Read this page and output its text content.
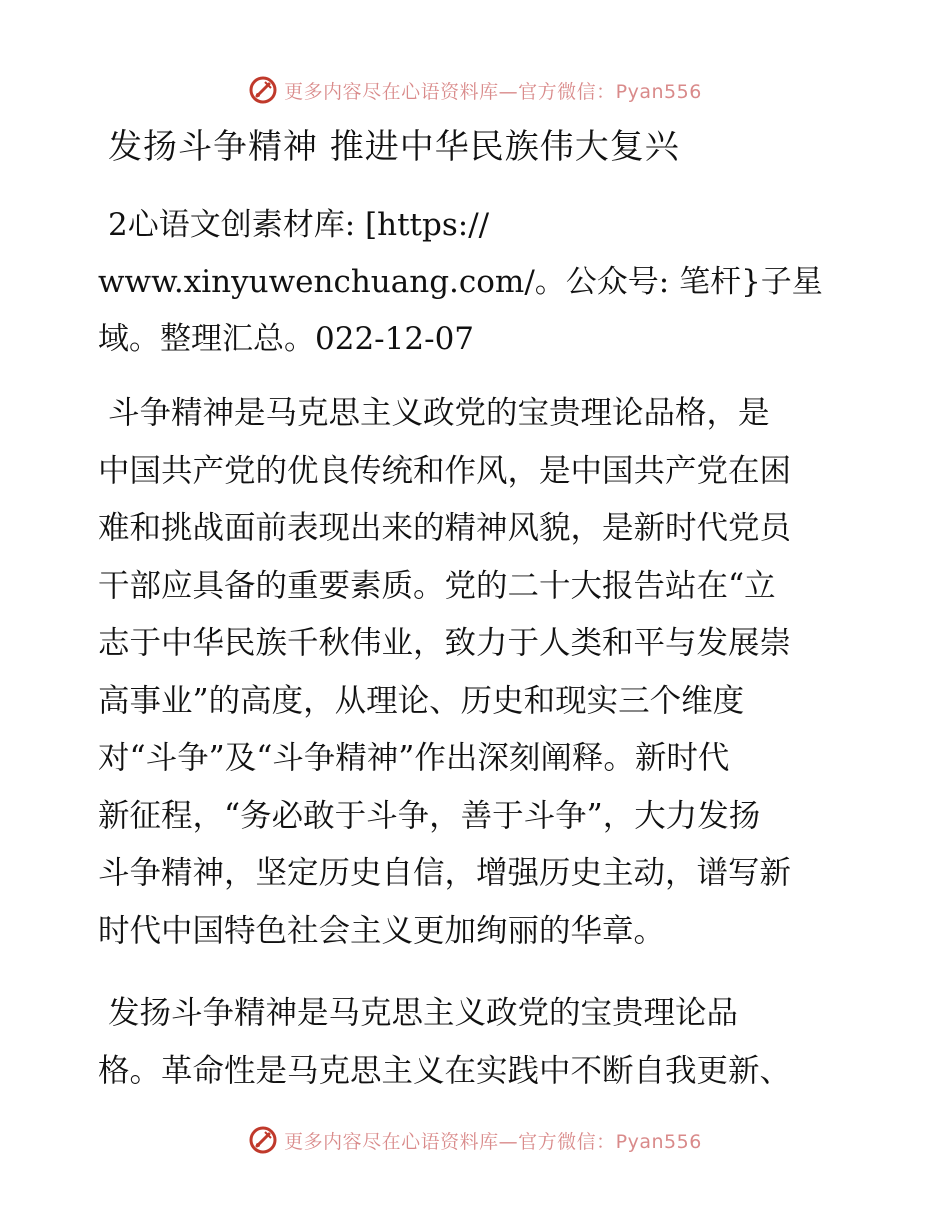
更多内容尽在心语资料库—官方微信：Pyan556
发扬斗争精神 推进中华民族伟大复兴
2心语文创素材库: [https://
www.xinyuwenchuang.com/。公众号: 笔杆}子星
域。整理汇总。022-12-07
斗争精神是马克思主义政党的宝贵理论品格，是
中国共产党的优良传统和作风，是中国共产党在困
难和挑战面前表现出来的精神风貌，是新时代党员
干部应具备的重要素质。党的二十大报告站在“立
志于中华民族千秋伟业，致力于人类和平与发展崇
高事业”的高度，从理论、历史和现实三个维度
对“斗争”及“斗争精神”作出深刻阐释。新时代
新征程，“务必敢于斗争，善于斗争”，大力发扬
斗争精神，坚定历史自信，增强历史主动，谱写新
时代中国特色社会主义更加绚丽的华章。
发扬斗争精神是马克思主义政党的宝贵理论品
格。革命性是马克思主义在实践中不断自我更新、
更多内容尽在心语资料库—官方微信：Pyan556
